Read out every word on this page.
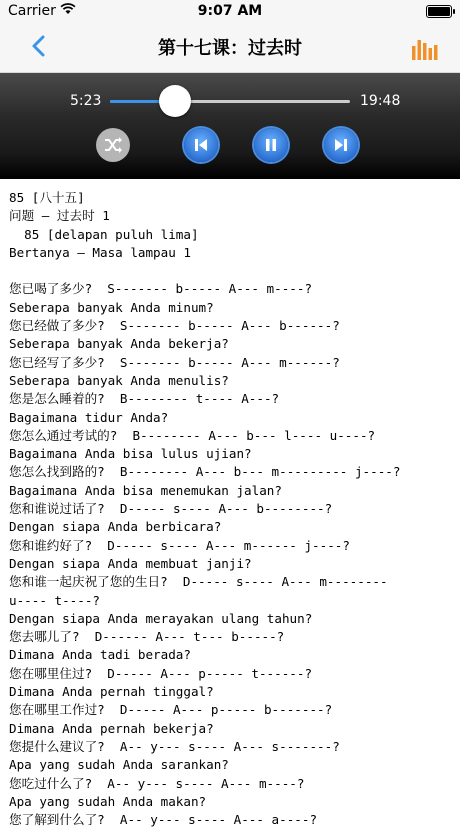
Carrier	9:07 AM
第十七课：过去时
5:23	19:48
85 [八十五]
问题 – 过去时 1
85 [delapan puluh lima]
Bertanya – Masa lampau 1
您已喝了多少?  S------- b----- A--- m----?
Seberapa banyak Anda minum?
您已经做了多少?  S------- b----- A--- b------?
Seberapa banyak Anda bekerja?
您已经写了多少?  S------- b----- A--- m------?
Seberapa banyak Anda menulis?
您是怎么睡着的?  B-------- t---- A---?
Bagaimana tidur Anda?
您怎么通过考试的?  B-------- A--- b--- l---- u----?
Bagaimana Anda bisa lulus ujian?
您怎么找到路的?  B-------- A--- b--- m--------- j----?
Bagaimana Anda bisa menemukan jalan?
您和谁说过话了?  D----- s---- A--- b--------?
Dengan siapa Anda berbicara?
您和谁约好了?  D----- s---- A--- m------ j----?
Dengan siapa Anda membuat janji?
您和谁一起庆祝了您的生日?  D----- s---- A--- m--------
u---- t----?
Dengan siapa Anda merayakan ulang tahun?
您去哪儿了?  D------ A--- t--- b-----?
Dimana Anda tadi berada?
您在哪里住过?  D----- A--- p----- t------?
Dimana Anda pernah tinggal?
您在哪里工作过?  D----- A--- p----- b-------?
Dimana Anda pernah bekerja?
您提什么建议了?  A-- y--- s---- A--- s-------?
Apa yang sudah Anda sarankan?
您吃过什么了?  A-- y--- s---- A--- m----?
Apa yang sudah Anda makan?
您了解到什么了?  A-- y--- s---- A--- a----?
